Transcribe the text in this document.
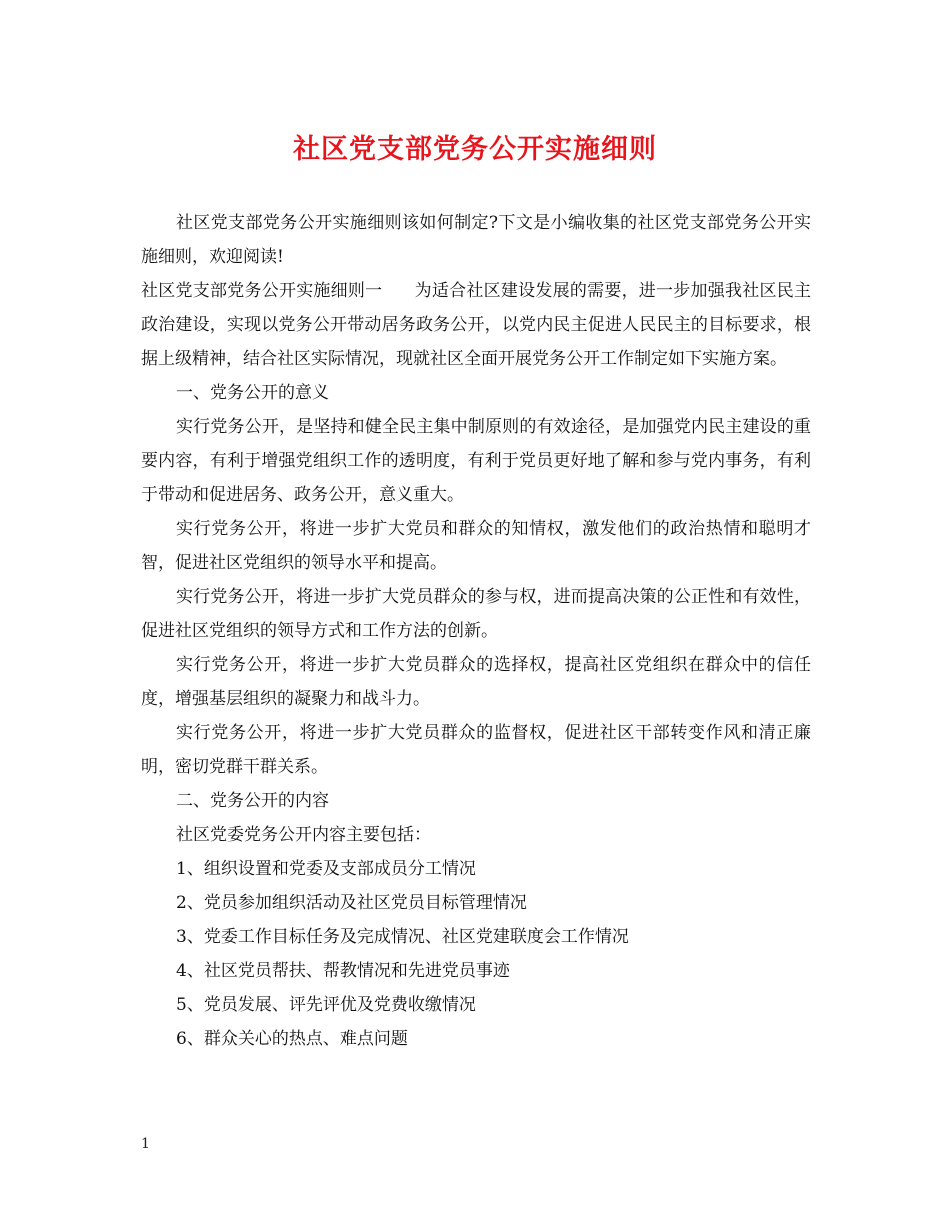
社区党支部党务公开实施细则

社区党支部党务公开实施细则该如何制定?下文是小编收集的社区党支部党务公开实施细则，欢迎阅读!

社区党支部党务公开实施细则一 为适合社区建设发展的需要，进一步加强我社区民主政治建设，实现以党务公开带动居务政务公开，以党内民主促进人民民主的目标要求，根据上级精神，结合社区实际情况，现就社区全面开展党务公开工作制定如下实施方案。

一、党务公开的意义

实行党务公开，是坚持和健全民主集中制原则的有效途径，是加强党内民主建设的重要内容，有利于增强党组织工作的透明度，有利于党员更好地了解和参与党内事务，有利于带动和促进居务、政务公开，意义重大。

实行党务公开，将进一步扩大党员和群众的知情权，激发他们的政治热情和聪明才智，促进社区党组织的领导水平和提高。

实行党务公开，将进一步扩大党员群众的参与权，进而提高决策的公正性和有效性，促进社区党组织的领导方式和工作方法的创新。

实行党务公开，将进一步扩大党员群众的选择权，提高社区党组织在群众中的信任度，增强基层组织的凝聚力和战斗力。

实行党务公开，将进一步扩大党员群众的监督权，促进社区干部转变作风和清正廉明，密切党群干群关系。

二、党务公开的内容

社区党委党务公开内容主要包括：

1、组织设置和党委及支部成员分工情况

2、党员参加组织活动及社区党员目标管理情况

3、党委工作目标任务及完成情况、社区党建联度会工作情况

4、社区党员帮扶、帮教情况和先进党员事迹

5、党员发展、评先评优及党费收缴情况

6、群众关心的热点、难点问题

1
